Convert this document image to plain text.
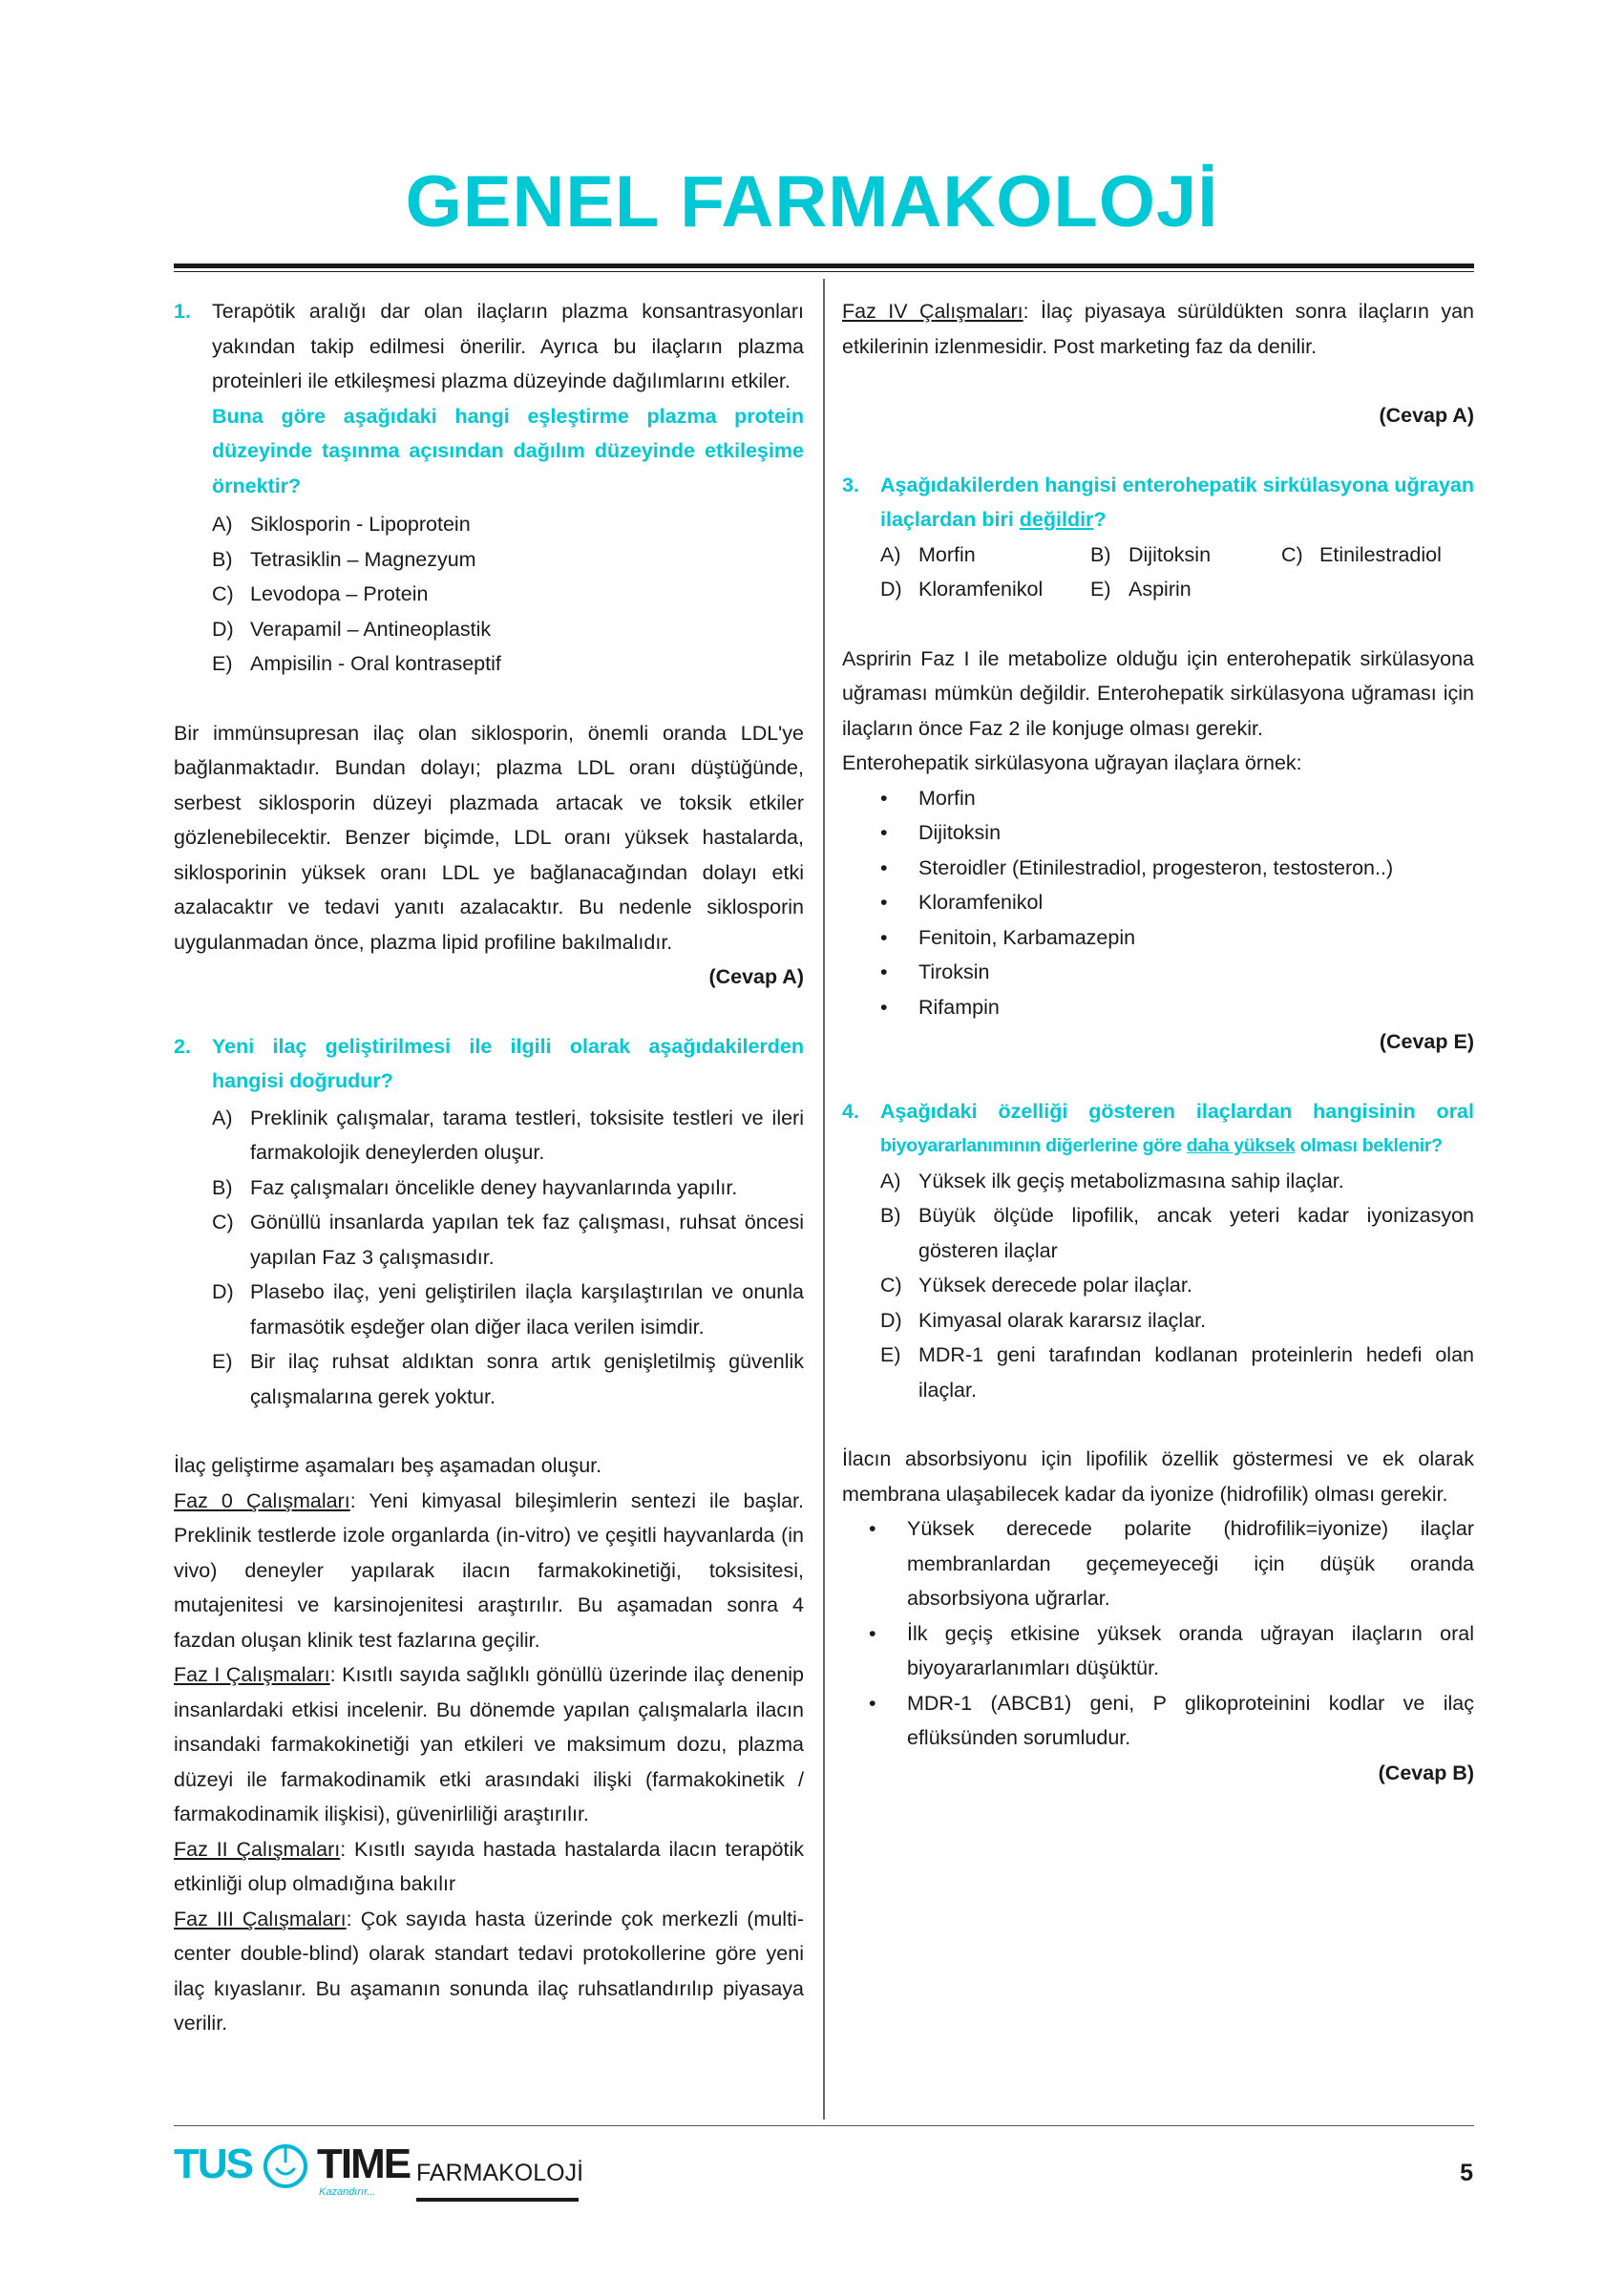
GENEL FARMAKOLOJİ
1.	Terapötik aralığı dar olan ilaçların plazma konsantrasyonları yakından takip edilmesi önerilir. Ayrıca bu ilaçların plazma proteinleri ile etkileşmesi plazma düzeyinde dağılımlarını etkiler.

Buna göre aşağıdaki hangi eşleştirme plazma protein düzeyinde taşınma açısından dağılım düzeyinde etkileşime örnektir?

A) Siklosporin - Lipoprotein
B) Tetrasiklin – Magnezyum
C) Levodopa – Protein
D) Verapamil – Antineoplastik
E) Ampisilin - Oral kontraseptif

Bir immünsupresan ilaç olan siklosporin, önemli oranda LDL'ye bağlanmaktadır. Bundan dolayı; plazma LDL oranı düştüğünde, serbest siklosporin düzeyi plazmada artacak ve toksik etkiler gözlenebilecektir. Benzer biçimde, LDL oranı yüksek hastalarda, siklosporinin yüksek oranı LDL ye bağlanacağından dolayı etki azalacaktır ve tedavi yanıtı azalacaktır. Bu nedenle siklosporin uygulanmadan önce, plazma lipid profiline bakılmalıdır.

(Cevap A)

2.	Yeni ilaç geliştirilmesi ile ilgili olarak aşağıdakilerden hangisi doğrudur?

A) Preklinik çalışmalar, tarama testleri, toksisite testleri ve ileri farmakolojik deneylerden oluşur.
B) Faz çalışmaları öncelikle deney hayvanlarında yapılır.
C) Gönüllü insanlarda yapılan tek faz çalışması, ruhsat öncesi yapılan Faz 3 çalışmasıdır.
D) Plasebo ilaç, yeni geliştirilen ilaçla karşılaştırılan ve onunla farmasötik eşdeğer olan diğer ilaca verilen isimdir.
E) Bir ilaç ruhsat aldıktan sonra artık genişletilmiş güvenlik çalışmalarına gerek yoktur.

İlaç geliştirme aşamaları beş aşamadan oluşur.

Faz 0 Çalışmaları: Yeni kimyasal bileşimlerin sentezi ile başlar. Preklinik testlerde izole organlarda (in-vitro) ve çeşitli hayvanlarda (in vivo) deneyler yapılarak ilacın farmakokinetiği, toksisitesi, mutajenitesi ve karsinojenitesi araştırılır. Bu aşamadan sonra 4 fazdan oluşan klinik test fazlarına geçilir.

Faz I Çalışmaları: Kısıtlı sayıda sağlıklı gönüllü üzerinde ilaç denenip insanlardaki etkisi incelenir. Bu dönemde yapılan çalışmalarla ilacın insandaki farmakokinetiği yan etkileri ve maksimum dozu, plazma düzeyi ile farmakodinamik etki arasındaki ilişki (farmakokinetik / farmakodinamik ilişkisi), güvenirliliği araştırılır.

Faz II Çalışmaları: Kısıtlı sayıda hastada hastalarda ilacın terapötik etkinliği olup olmadığına bakılır

Faz III Çalışmaları: Çok sayıda hasta üzerinde çok merkezli (multi-center double-blind) olarak standart tedavi protokollerine göre yeni ilaç kıyaslanır. Bu aşamanın sonunda ilaç ruhsatlandırılıp piyasaya verilir.

Faz IV Çalışmaları: İlaç piyasaya sürüldükten sonra ilaçların yan etkilerinin izlenmesidir. Post marketing faz da denilir.

(Cevap A)

3.	Aşağıdakilerden hangisi enterohepatik sirkülasyona uğrayan ilaçlardan biri değildir?

A) Morfin	B) Dijitoksin	C) Etinilestradiol
D) Kloramfenikol E) Aspirin

Aspririn Faz I ile metabolize olduğu için enterohepatik sirkülasyona uğraması mümkün değildir. Enterohepatik sirkülasyona uğraması için ilaçların önce Faz 2 ile konjuge olması gerekir.

Enterohepatik sirkülasyona uğrayan ilaçlara örnek:

•	Morfin
•	Dijitoksin
•	Steroidler (Etinilestradiol, progesteron, testosteron..)
•	Kloramfenikol
•	Fenitoin, Karbamazepin
•	Tiroksin
•	Rifampin

(Cevap E)

4.	Aşağıdaki özelliği gösteren ilaçlardan hangisinin oral

biyoyararlanımının diğerlerine göre daha yüksek olması beklenir?

A) Yüksek ilk geçiş metabolizmasına sahip ilaçlar.
B) Büyük ölçüde lipofilik, ancak yeteri kadar iyonizasyon gösteren ilaçlar
C) Yüksek derecede polar ilaçlar.
D) Kimyasal olarak kararsız ilaçlar.
E) MDR-1 geni tarafından kodlanan proteinlerin hedefi olan ilaçlar.

İlacın absorbsiyonu için lipofilik özellik göstermesi ve ek olarak membrana ulaşabilecek kadar da iyonize (hidrofilik) olması gerekir.

•	Yüksek derecede polarite (hidrofilik=iyonize) ilaçlar membranlardan geçemeyeceği için düşük oranda absorbsiyona uğrarlar.
•	İlk geçiş etkisine yüksek oranda uğrayan ilaçların oral biyoyararlanımları düşüktür.
•	MDR-1 (ABCB1) geni, P glikoproteinini kodlar ve ilaç eflüksünden sorumludur.

(Cevap B)

TUS TIME
Kazandırır...
FARMAKOLOJİ	5
